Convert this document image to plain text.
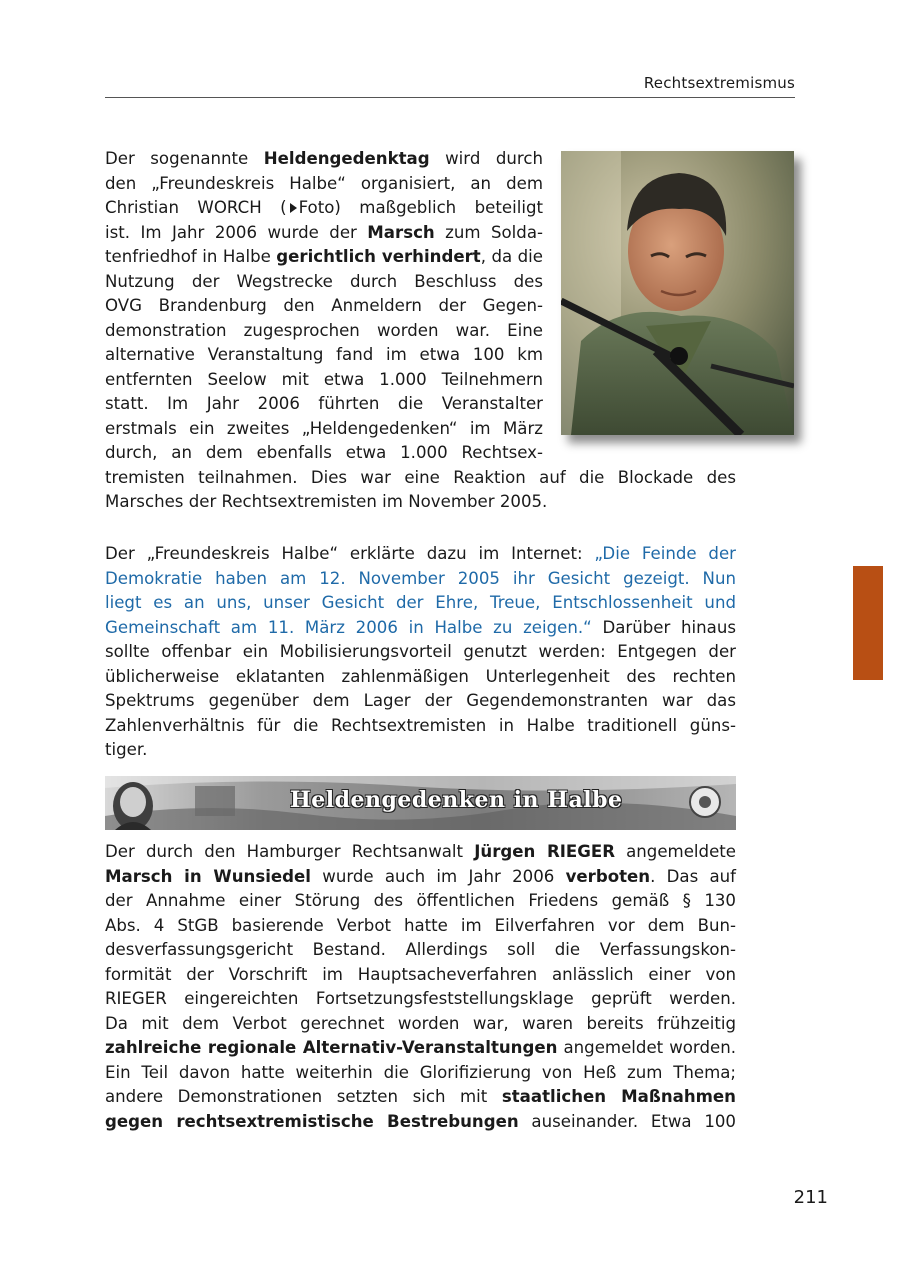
Rechtsextremismus
Der sogenannte Heldengedenktag wird durch
den „Freundeskreis Halbe“ organisiert, an dem
Christian WORCH ( Foto) maßgeblich beteiligt
ist. Im Jahr 2006 wurde der Marsch zum Solda-
tenfriedhof in Halbe gerichtlich verhindert, da die
Nutzung der Wegstrecke durch Beschluss des
OVG Brandenburg den Anmeldern der Gegen-
demonstration zugesprochen worden war. Eine
alternative Veranstaltung fand im etwa 100 km
entfernten Seelow mit etwa 1.000 Teilnehmern
statt. Im Jahr 2006 führten die Veranstalter
erstmals ein zweites „Heldengedenken“ im März
durch, an dem ebenfalls etwa 1.000 Rechtsex-
tremisten teilnahmen. Dies war eine Reaktion auf die Blockade des
Marsches der Rechtsextremisten im November 2005.
Der „Freundeskreis Halbe“ erklärte dazu im Internet: „Die Feinde der
Demokratie haben am 12. November 2005 ihr Gesicht gezeigt. Nun
liegt es an uns, unser Gesicht der Ehre, Treue, Entschlossenheit und
Gemeinschaft am 11. März 2006 in Halbe zu zeigen.“ Darüber hinaus
sollte offenbar ein Mobilisierungsvorteil genutzt werden: Entgegen der
üblicherweise eklatanten zahlenmäßigen Unterlegenheit des rechten
Spektrums gegenüber dem Lager der Gegendemonstranten war das
Zahlenverhältnis für die Rechtsextremisten in Halbe traditionell güns-
tiger.
Heldengedenken in Halbe
Der durch den Hamburger Rechtsanwalt Jürgen RIEGER angemeldete
Marsch in Wunsiedel wurde auch im Jahr 2006 verboten. Das auf
der Annahme einer Störung des öffentlichen Friedens gemäß § 130
Abs. 4 StGB basierende Verbot hatte im Eilverfahren vor dem Bun-
desverfassungsgericht Bestand. Allerdings soll die Verfassungskon-
formität der Vorschrift im Hauptsacheverfahren anlässlich einer von
RIEGER eingereichten Fortsetzungsfeststellungsklage geprüft werden.
Da mit dem Verbot gerechnet worden war, waren bereits frühzeitig
zahlreiche regionale Alternativ-Veranstaltungen angemeldet worden.
Ein Teil davon hatte weiterhin die Glorifizierung von Heß zum Thema;
andere Demonstrationen setzten sich mit staatlichen Maßnahmen
gegen rechtsextremistische Bestrebungen auseinander. Etwa 100
211
